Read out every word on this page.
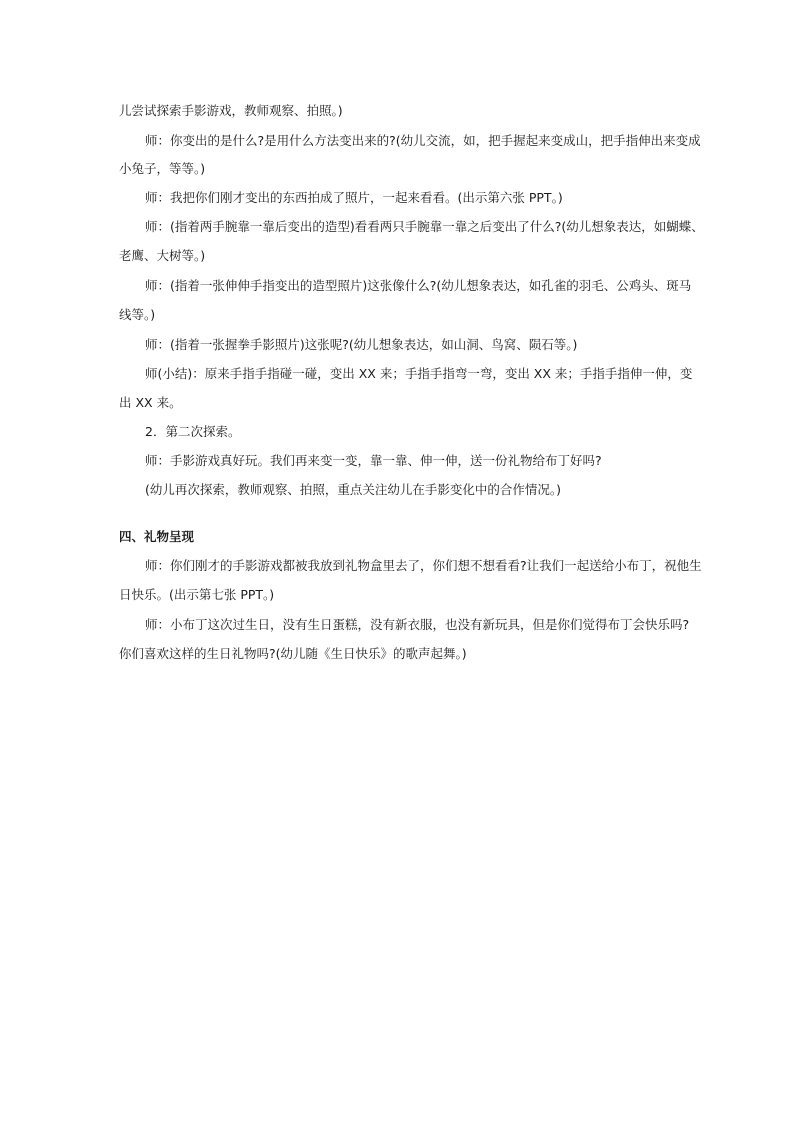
儿尝试探索手影游戏，教师观察、拍照。)
师：你变出的是什么?是用什么方法变出来的?(幼儿交流，如，把手握起来变成山，把手指伸出来变成
小兔子，等等。)
师：我把你们刚才变出的东西拍成了照片，一起来看看。(出示第六张 PPT。)
师：(指着两手腕靠一靠后变出的造型)看看两只手腕靠一靠之后变出了什么?(幼儿想象表达，如蝴蝶、
老鹰、大树等。)
师：(指着一张伸伸手指变出的造型照片)这张像什么?(幼儿想象表达，如孔雀的羽毛、公鸡头、斑马
线等。)
师：(指着一张握拳手影照片)这张呢?(幼儿想象表达，如山洞、鸟窝、陨石等。)
师(小结)：原来手指手指碰一碰，变出 XX 来；手指手指弯一弯，变出 XX 来；手指手指伸一伸，变
出 XX 来。
2．第二次探索。
师：手影游戏真好玩。我们再来变一变，靠一靠、伸一伸，送一份礼物给布丁好吗?
(幼儿再次探索，教师观察、拍照，重点关注幼儿在手影变化中的合作情况。)
四、礼物呈现
师：你们刚才的手影游戏都被我放到礼物盒里去了，你们想不想看看?让我们一起送给小布丁，祝他生
日快乐。(出示第七张 PPT。)
师：小布丁这次过生日，没有生日蛋糕，没有新衣服，也没有新玩具，但是你们觉得布丁会快乐吗?
你们喜欢这样的生日礼物吗?(幼儿随《生日快乐》的歌声起舞。)
